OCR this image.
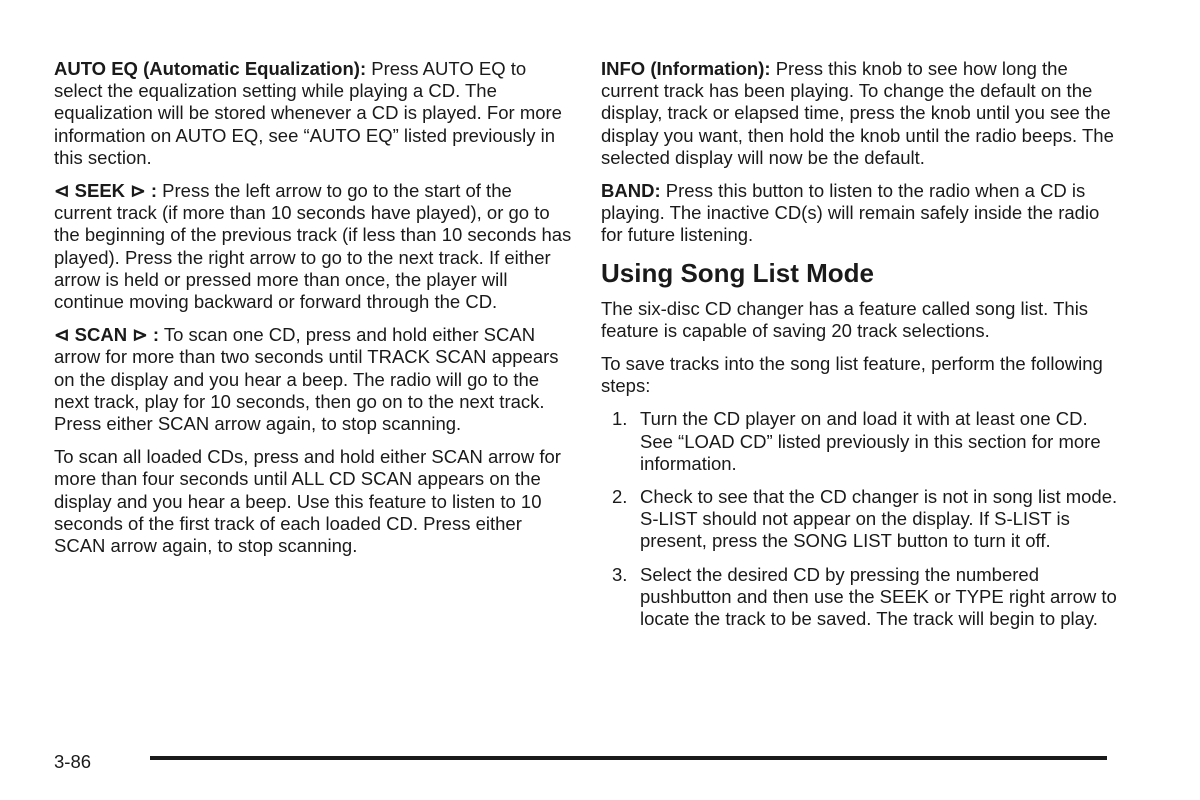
AUTO EQ (Automatic Equalization): Press AUTO EQ to select the equalization setting while playing a CD. The equalization will be stored whenever a CD is played. For more information on AUTO EQ, see “AUTO EQ” listed previously in this section.

⊲ SEEK ⊳ : Press the left arrow to go to the start of the current track (if more than 10 seconds have played), or go to the beginning of the previous track (if less than 10 seconds has played). Press the right arrow to go to the next track. If either arrow is held or pressed more than once, the player will continue moving backward or forward through the CD.

⊲ SCAN ⊳ : To scan one CD, press and hold either SCAN arrow for more than two seconds until TRACK SCAN appears on the display and you hear a beep. The radio will go to the next track, play for 10 seconds, then go on to the next track. Press either SCAN arrow again, to stop scanning.

To scan all loaded CDs, press and hold either SCAN arrow for more than four seconds until ALL CD SCAN appears on the display and you hear a beep. Use this feature to listen to 10 seconds of the first track of each loaded CD. Press either SCAN arrow again, to stop scanning.

INFO (Information): Press this knob to see how long the current track has been playing. To change the default on the display, track or elapsed time, press the knob until you see the display you want, then hold the knob until the radio beeps. The selected display will now be the default.

BAND: Press this button to listen to the radio when a CD is playing. The inactive CD(s) will remain safely inside the radio for future listening.

Using Song List Mode

The six-disc CD changer has a feature called song list. This feature is capable of saving 20 track selections.

To save tracks into the song list feature, perform the following steps:

1. Turn the CD player on and load it with at least one CD. See “LOAD CD” listed previously in this section for more information.
2. Check to see that the CD changer is not in song list mode. S-LIST should not appear on the display. If S-LIST is present, press the SONG LIST button to turn it off.
3. Select the desired CD by pressing the numbered pushbutton and then use the SEEK or TYPE right arrow to locate the track to be saved. The track will begin to play.
3-86
